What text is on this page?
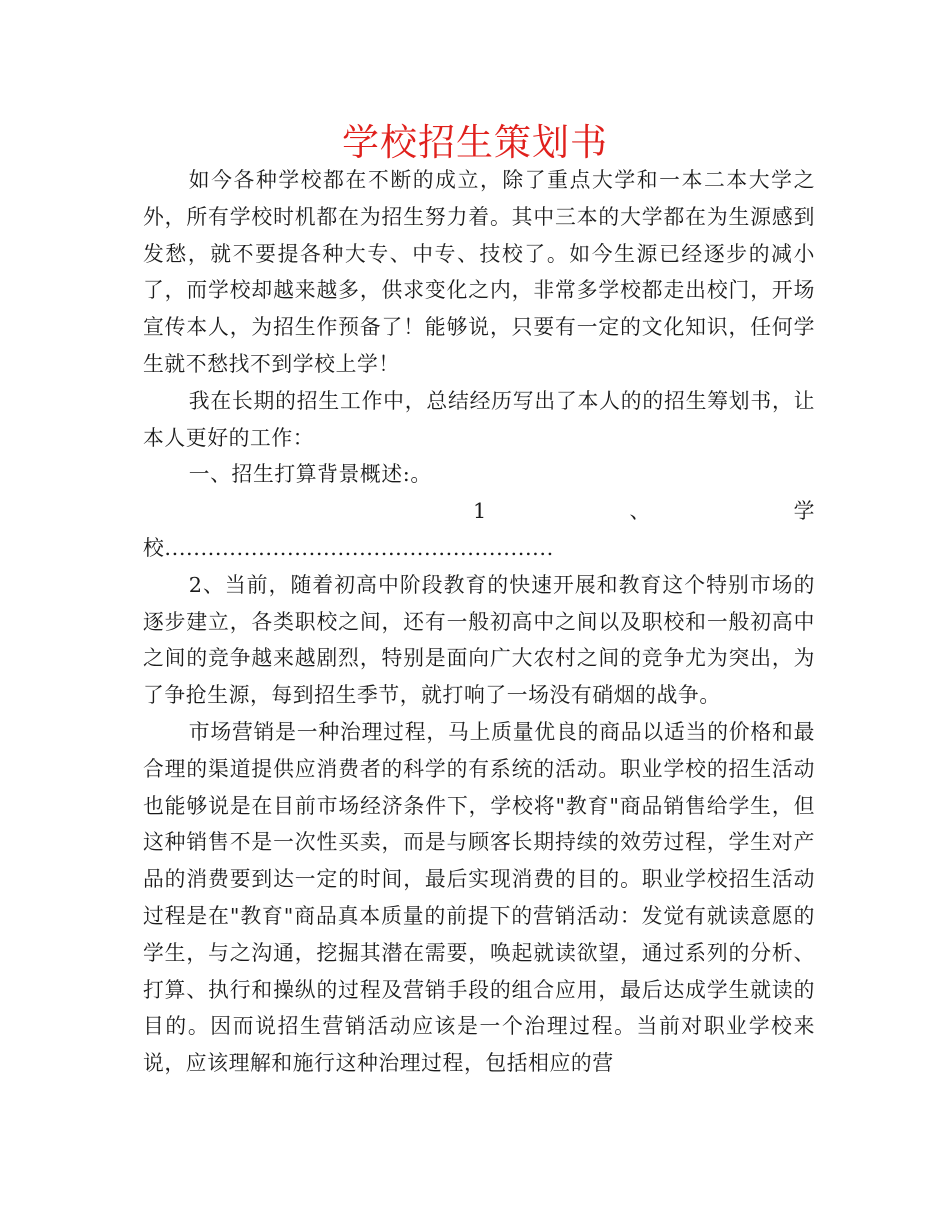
学校招生策划书

如今各种学校都在不断的成立，除了重点大学和一本二本大学之外，所有学校时机都在为招生努力着。其中三本的大学都在为生源感到发愁，就不要提各种大专、中专、技校了。如今生源已经逐步的减小了，而学校却越来越多，供求变化之内，非常多学校都走出校门，开场宣传本人，为招生作预备了！能够说，只要有一定的文化知识，任何学生就不愁找不到学校上学！

我在长期的招生工作中，总结经历写出了本人的的招生筹划书，让本人更好的工作：

一、招生打算背景概述:。

1	、	学
校......................................................

2、当前，随着初高中阶段教育的快速开展和教育这个特别市场的逐步建立，各类职校之间，还有一般初高中之间以及职校和一般初高中之间的竞争越来越剧烈，特别是面向广大农村之间的竞争尤为突出，为了争抢生源，每到招生季节，就打响了一场没有硝烟的战争。

市场营销是一种治理过程，马上质量优良的商品以适当的价格和最合理的渠道提供应消费者的科学的有系统的活动。职业学校的招生活动也能够说是在目前市场经济条件下，学校将"教育"商品销售给学生，但这种销售不是一次性买卖，而是与顾客长期持续的效劳过程，学生对产品的消费要到达一定的时间，最后实现消费的目的。职业学校招生活动过程是在"教育"商品真本质量的前提下的营销活动：发觉有就读意愿的学生，与之沟通，挖掘其潜在需要，唤起就读欲望，通过系列的分析、打算、执行和操纵的过程及营销手段的组合应用，最后达成学生就读的目的。因而说招生营销活动应该是一个治理过程。当前对职业学校来说，应该理解和施行这种治理过程，包括相应的营
